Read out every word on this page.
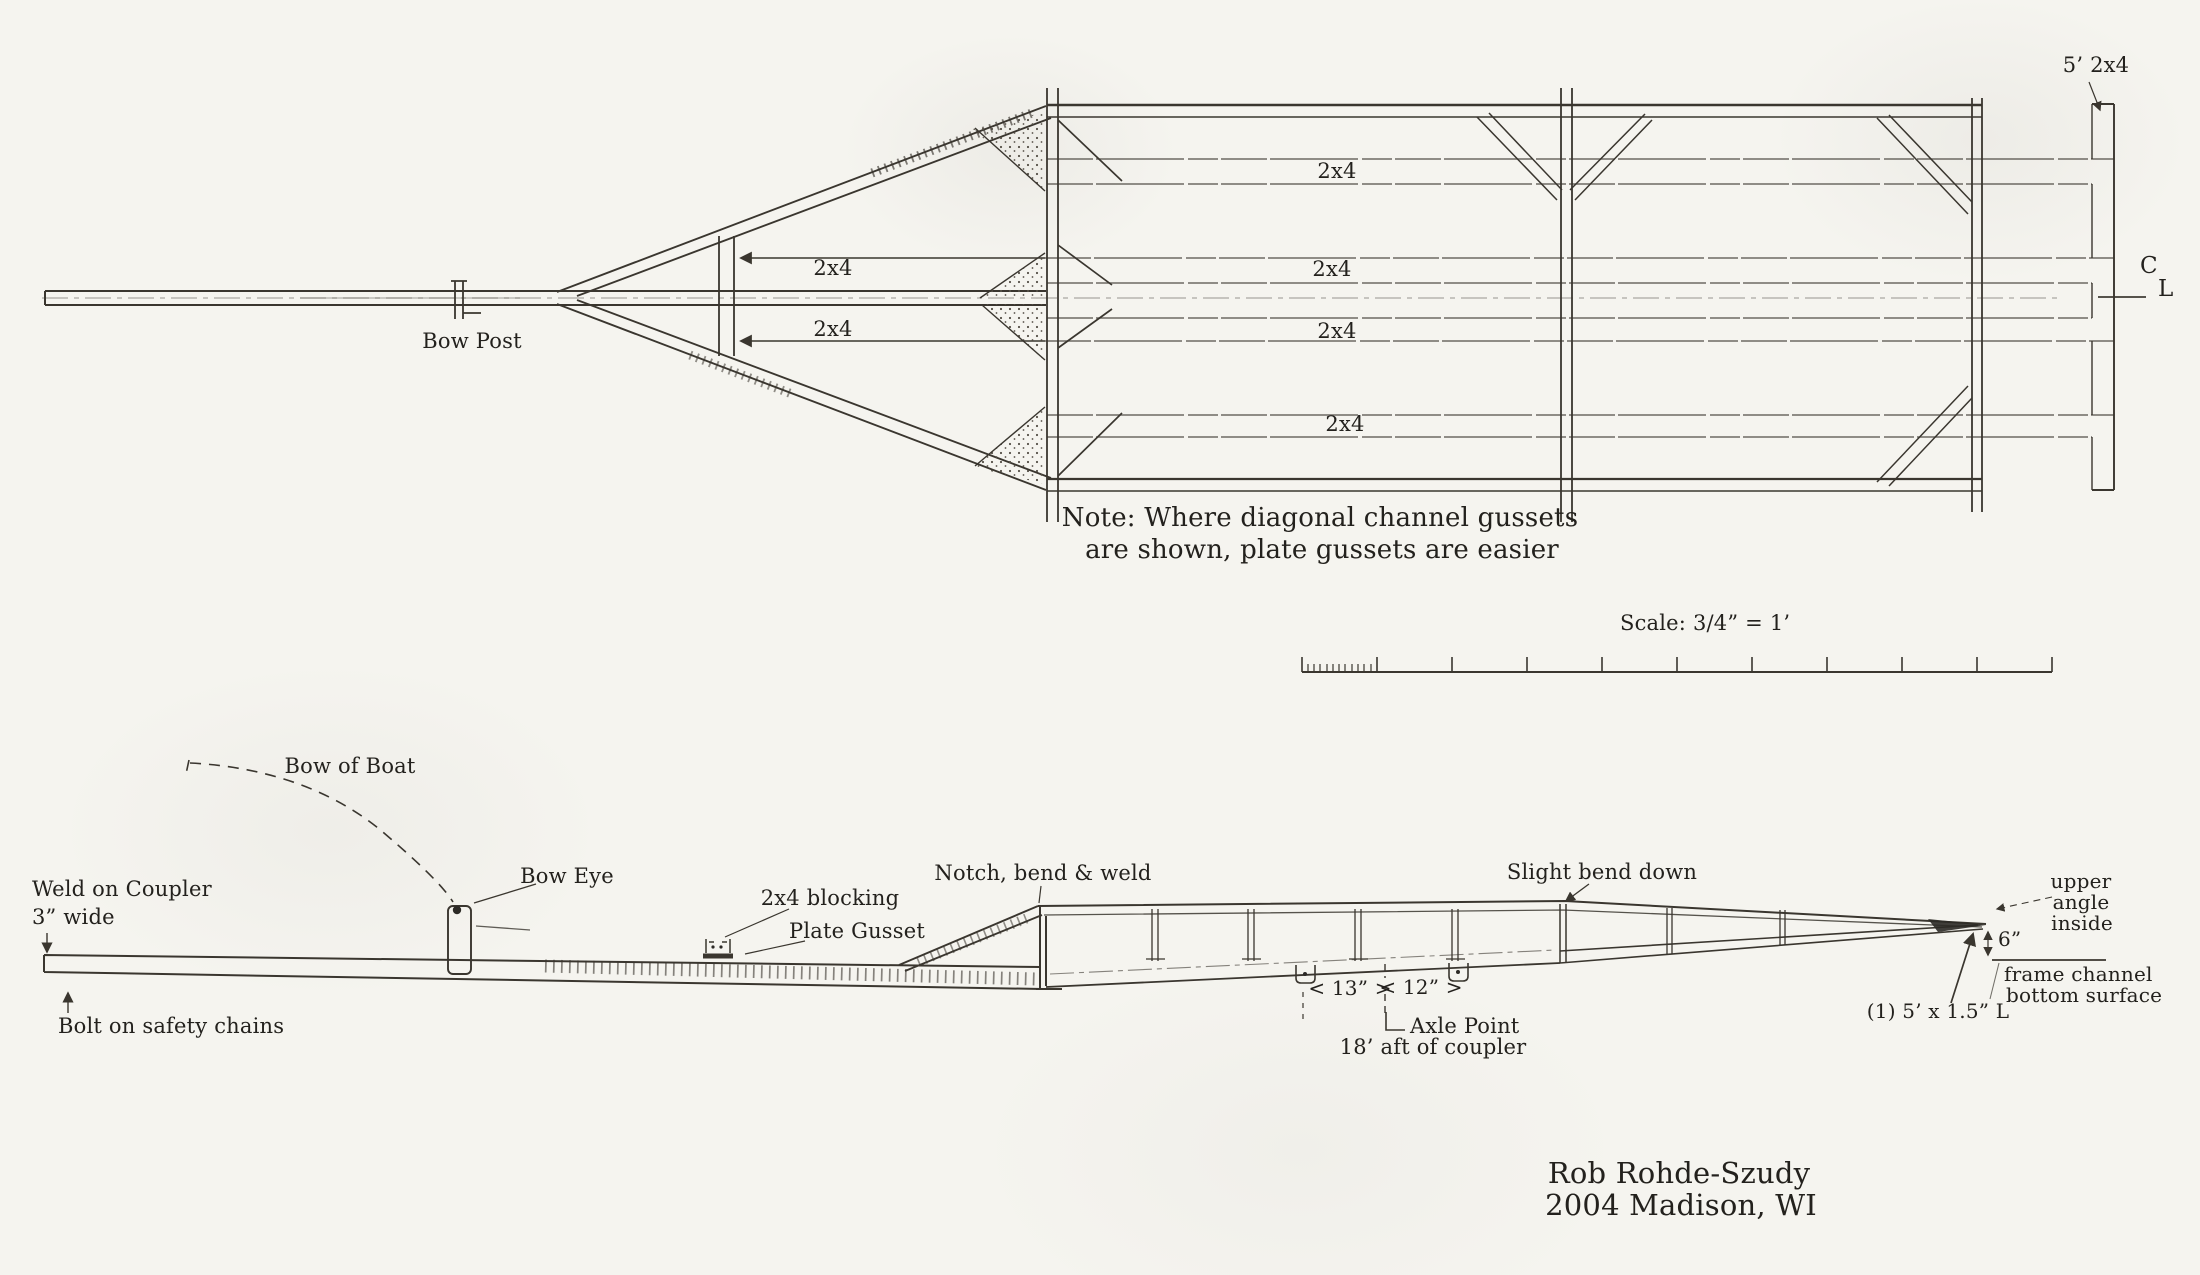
5’ 2x4
Bow Post
2x4
2x4
2x4
2x4
2x4
2x4
C
L
Note: Where diagonal channel gussets
are shown, plate gussets are easier
Scale: 3/4” = 1’
Bow of Boat
Weld on Coupler
3” wide
Bolt on safety chains
Bow Eye
2x4 blocking
Plate Gusset
Notch, bend & weld
< 13” >
< 12” >
Axle Point
18’ aft of coupler
Slight bend down	upper
angle
inside
6”
frame channel
bottom surface
(1) 5’ x 1.5” L
Rob Rohde-Szudy
2004 Madison, WI
